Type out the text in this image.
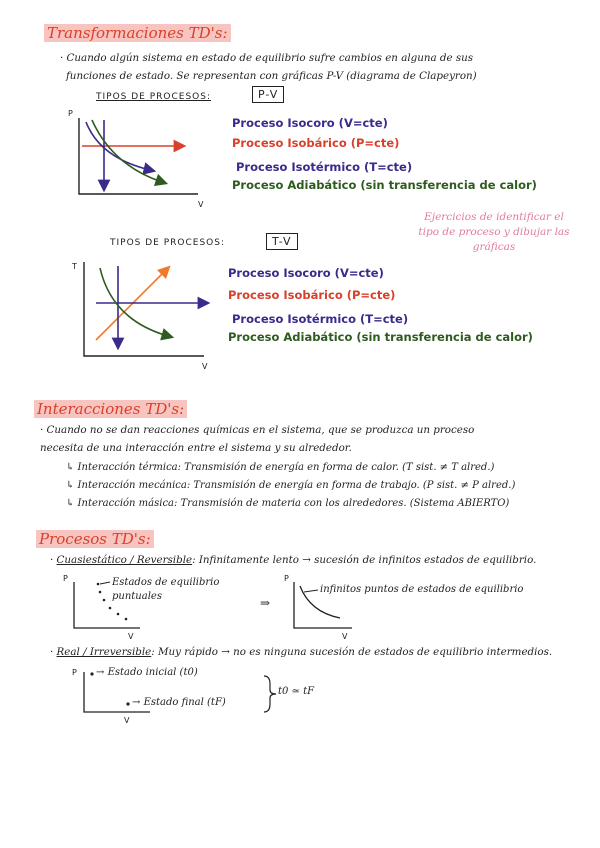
Transformaciones TD's:
· Cuando algún sistema en estado de equilibrio sufre cambios en alguna de sus
funciones de estado. Se representan con gráficas P-V (diagrama de Clapeyron)
TIPOS DE PROCESOS:	P-V
P
V
Proceso Isocoro (V=cte)
Proceso Isobárico (P=cte)
Proceso Isotérmico (T=cte)
Proceso Adiabático (sin transferencia de calor)
Ejercicios de identificar el tipo de proceso y dibujar las gráficas
TIPOS DE PROCESOS:	T-V
T
V
Proceso Isocoro (V=cte)
Proceso Isobárico (P=cte)
Proceso Isotérmico (T=cte)
Proceso Adiabático (sin transferencia de calor)
Interacciones TD's:
· Cuando no se dan reacciones químicas en el sistema, que se produzca un proceso
necesita de una interacción entre el sistema y su alrededor.
↳ Interacción térmica: Transmisión de energía en forma de calor. (T sist. ≠ T alred.)
↳ Interacción mecánica: Transmisión de energía en forma de trabajo. (P sist. ≠ P alred.)
↳ Interacción másica: Transmisión de materia con los alrededores. (Sistema ABIERTO)
Procesos TD's:
· Cuasiestático / Reversible: Infinitamente lento → sucesión de infinitos estados de equilibrio.
P
V
Estados de equilibrio puntuales	⇒
P
V
infinitos puntos de estados de equilibrio
· Real / Irreversible: Muy rápido → no es ninguna sucesión de estados de equilibrio intermedios.
P
V
→ Estado inicial (t0)
→ Estado final (tF)
t0 ≃ tF
